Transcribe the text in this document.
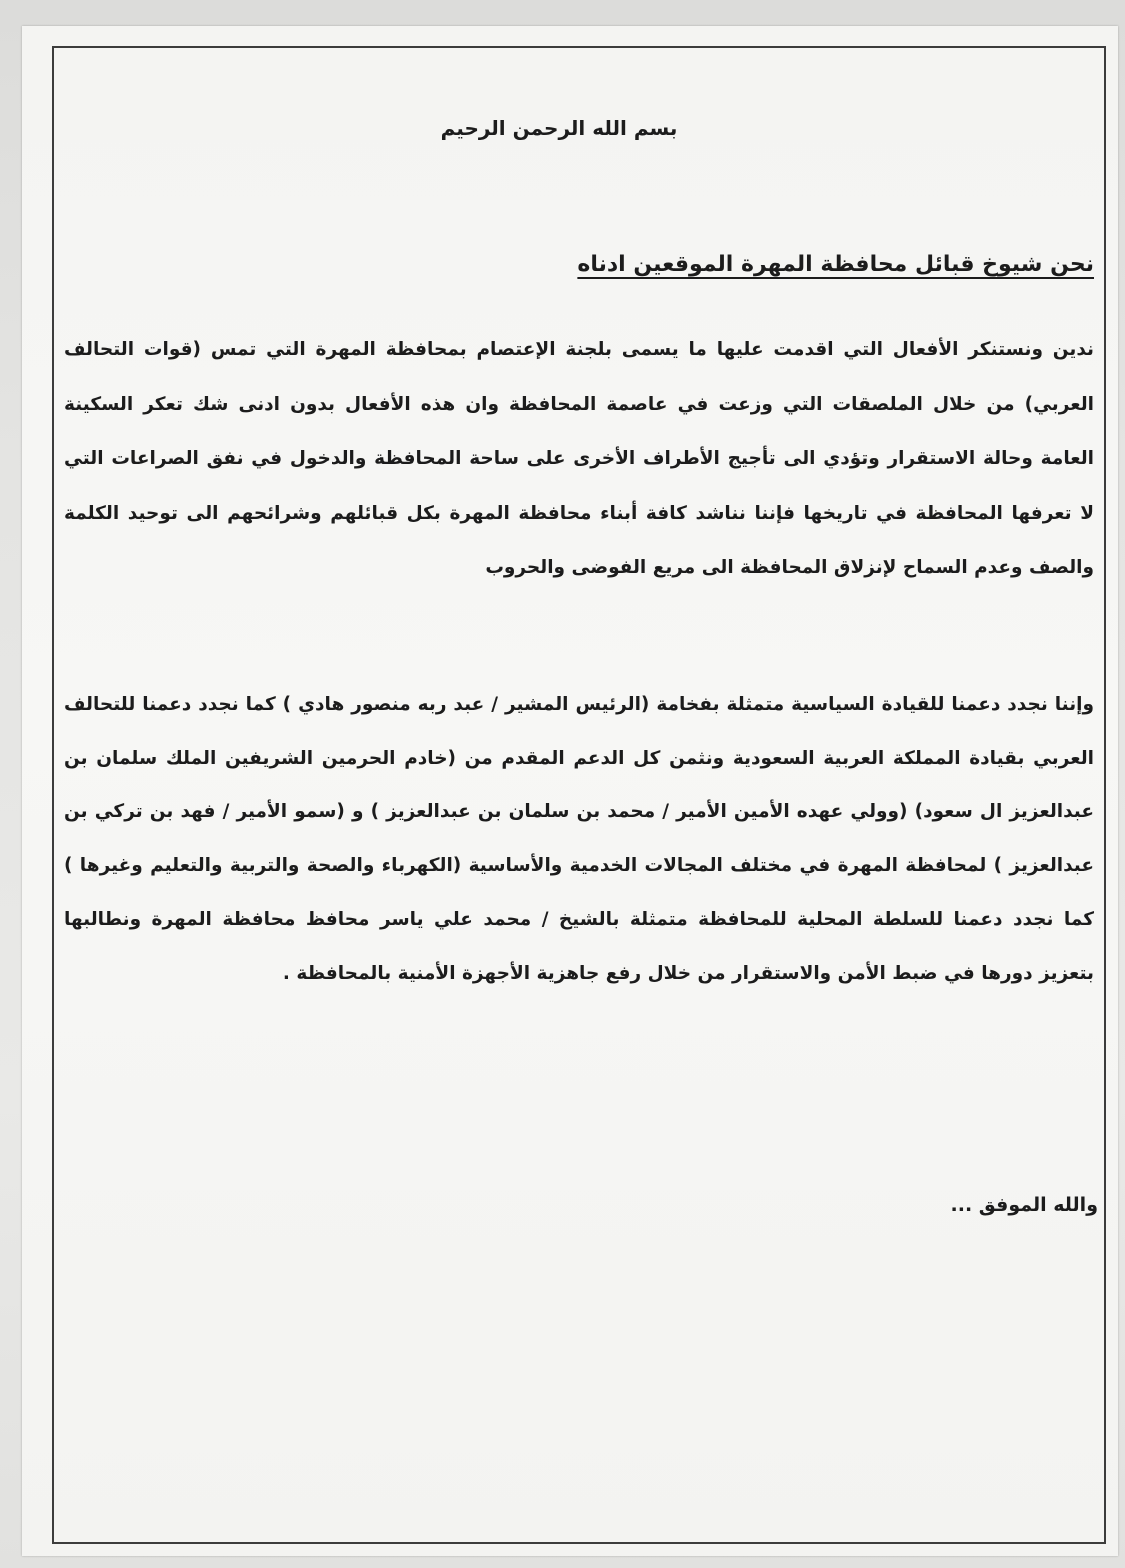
بسم الله الرحمن الرحيم
نحن شيوخ قبائل محافظة المهرة الموقعين ادناه
ندين ونستنكر الأفعال التي اقدمت عليها ما يسمى بلجنة الإعتصام بمحافظة المهرة التي تمس (قوات التحالف العربي) من خلال الملصقات التي وزعت في عاصمة المحافظة وان هذه الأفعال بدون ادنى شك تعكر السكينة العامة وحالة الاستقرار وتؤدي الى تأجيج الأطراف الأخرى على ساحة المحافظة والدخول في نفق الصراعات التي لا تعرفها المحافظة في تاريخها فإننا نناشد كافة أبناء محافظة المهرة بكل قبائلهم وشرائحهم الى توحيد الكلمة والصف وعدم السماح لإنزلاق المحافظة الى مريع الفوضى والحروب
وإننا نجدد دعمنا للقيادة السياسية متمثلة بفخامة (الرئيس المشير / عبد ربه منصور هادي ) كما نجدد دعمنا للتحالف العربي بقيادة المملكة العربية السعودية ونثمن كل الدعم المقدم من (خادم الحرمين الشريفين الملك سلمان بن عبدالعزيز ال سعود) (وولي عهده الأمين الأمير / محمد بن سلمان بن عبدالعزيز ) و (سمو الأمير / فهد بن تركي بن عبدالعزيز ) لمحافظة المهرة في مختلف المجالات الخدمية والأساسية (الكهرباء والصحة والتربية والتعليم وغيرها ) كما نجدد دعمنا للسلطة المحلية للمحافظة متمثلة بالشيخ / محمد علي ياسر محافظ محافظة المهرة ونطالبها بتعزيز دورها في ضبط الأمن والاستقرار من خلال رفع جاهزية الأجهزة الأمنية بالمحافظة .
والله الموفق ...
